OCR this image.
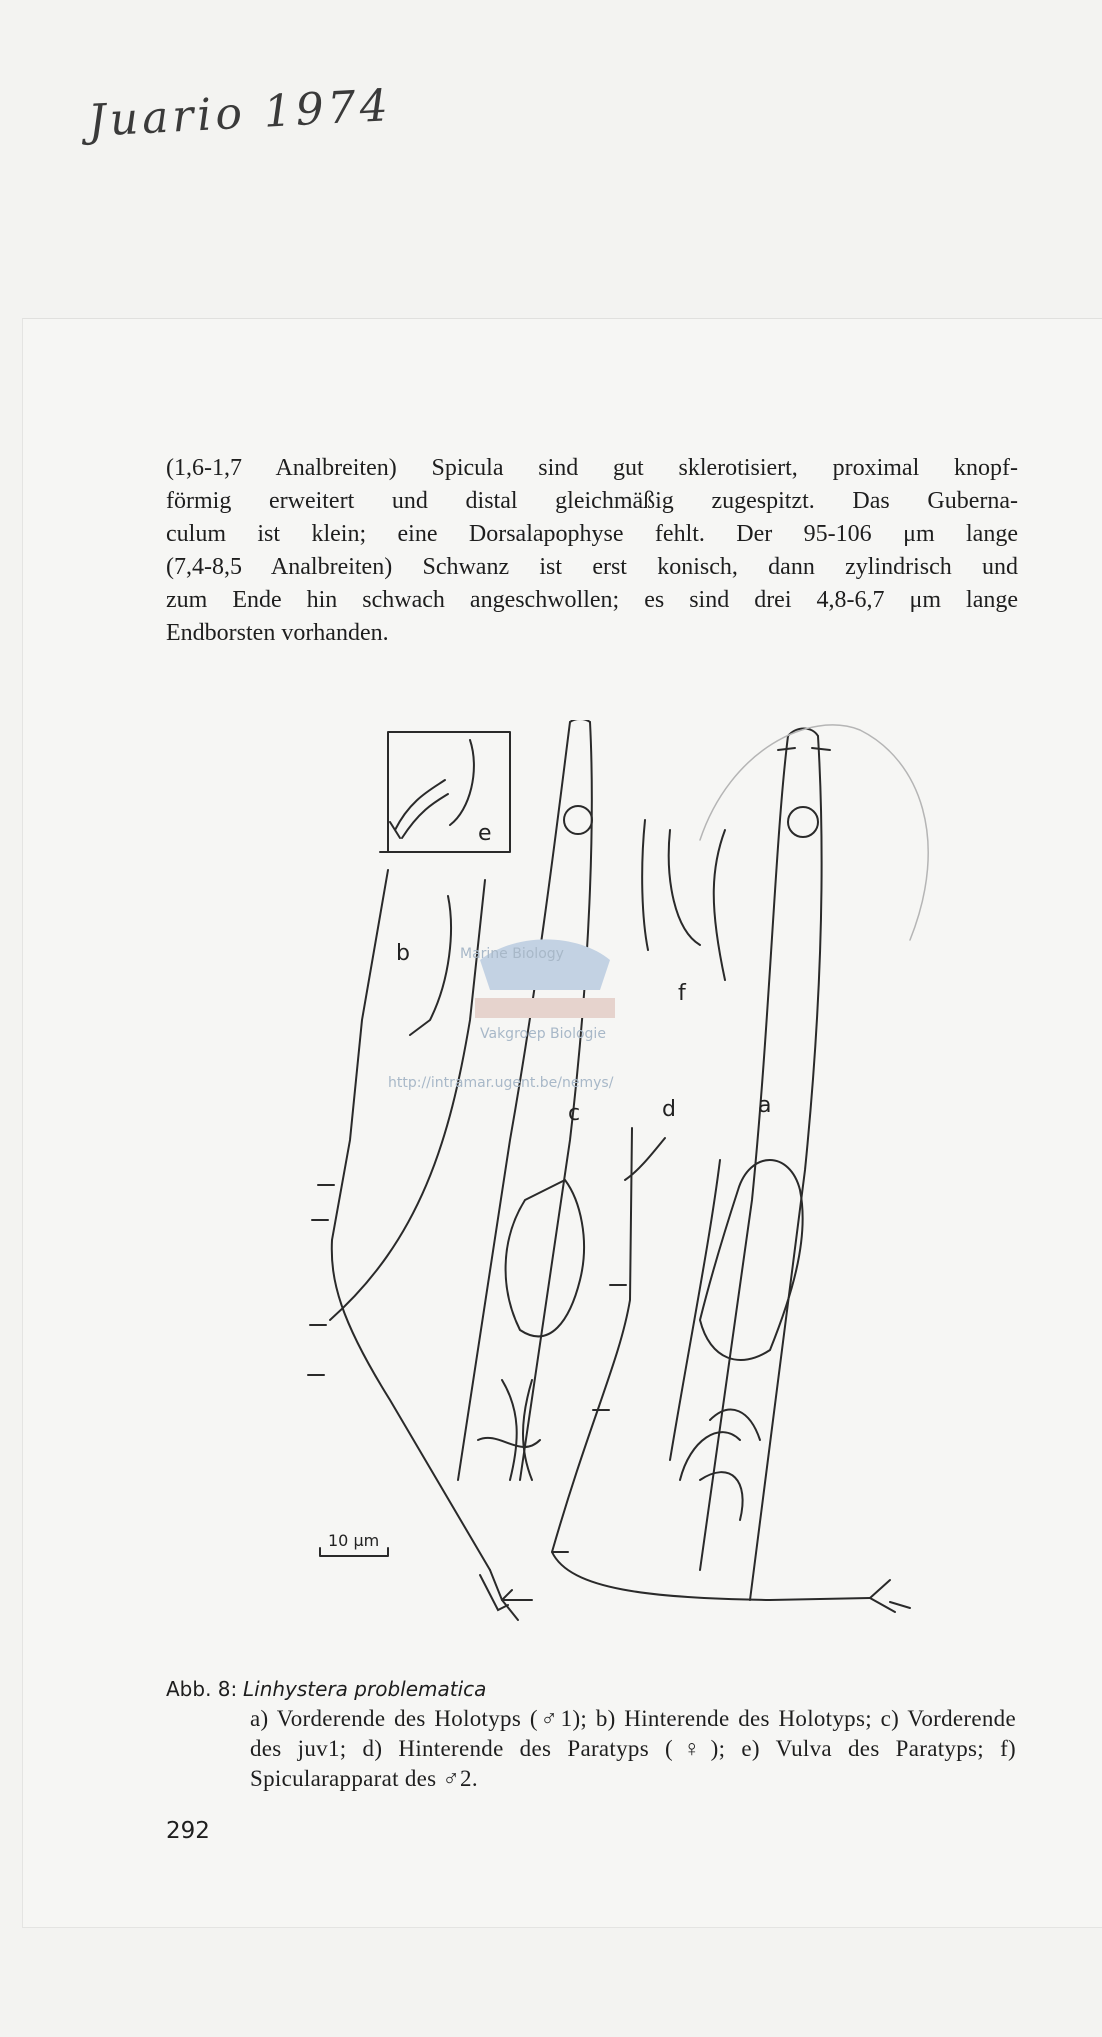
Juario 1974

(1,6-1,7 Analbreiten) Spicula sind gut sklerotisiert, proximal knopf-
förmig erweitert und distal gleichmäßig zugespitzt. Das Guberna-
culum ist klein; eine Dorsalapophyse fehlt. Der 95-106 μm lange
(7,4-8,5 Analbreiten) Schwanz ist erst konisch, dann zylindrisch und
zum Ende hin schwach angeschwollen; es sind drei 4,8-6,7 μm lange
Endborsten vorhanden.

e
b
c
f
d	a
Marine Biology
Vakgroep Biologie
http://intramar.ugent.be/nemys/
10 μm
Abb. 8: Linhystera problematica
a) Vorderende des Holotyps (♂1); b) Hinterende des Holotyps; c) Vorderende des juv1; d) Hinterende des Paratyps (♀); e) Vulva des Paratyps; f) Spicularapparat des ♂2.
292
